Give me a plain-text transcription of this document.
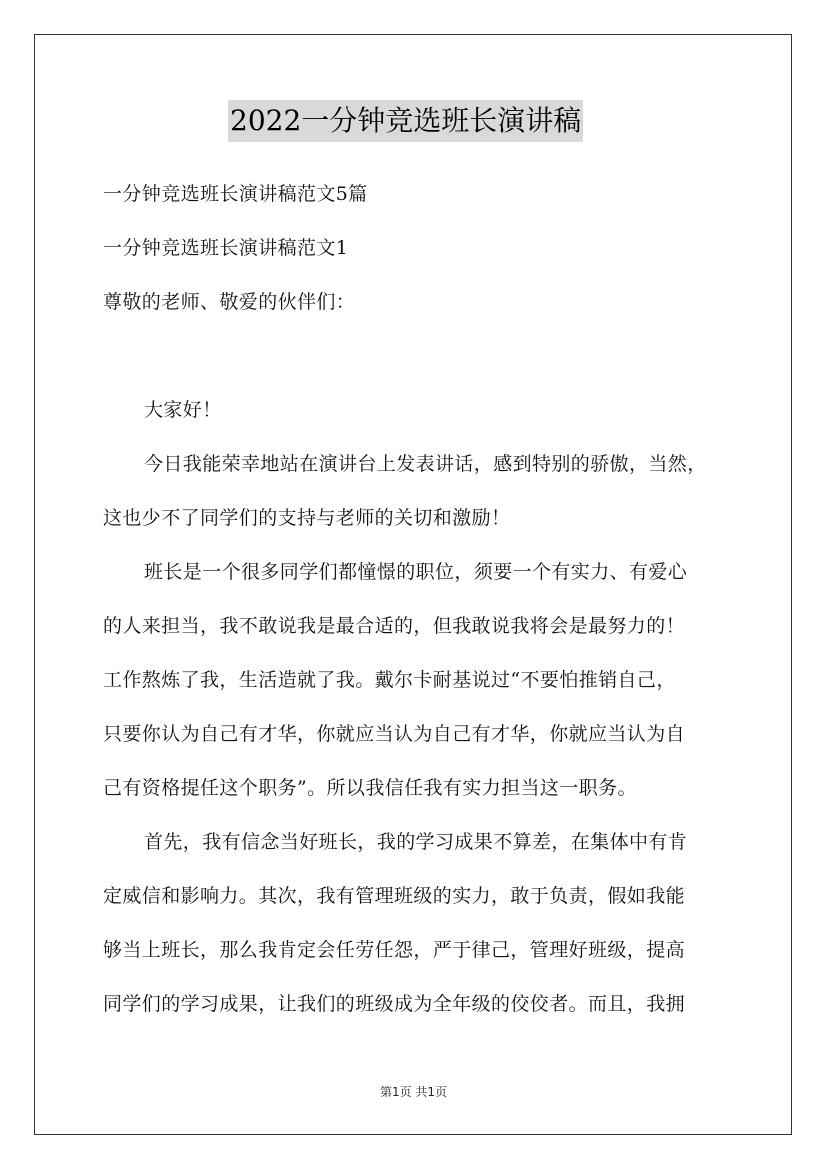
2022一分钟竞选班长演讲稿
一分钟竞选班长演讲稿范文5篇
一分钟竞选班长演讲稿范文1
尊敬的老师、敬爱的伙伴们：
大家好！
今日我能荣幸地站在演讲台上发表讲话，感到特别的骄傲，当然，
这也少不了同学们的支持与老师的关切和激励！
班长是一个很多同学们都憧憬的职位，须要一个有实力、有爱心
的人来担当，我不敢说我是最合适的，但我敢说我将会是最努力的！
工作熬炼了我，生活造就了我。戴尔卡耐基说过“不要怕推销自己，
只要你认为自己有才华，你就应当认为自己有才华，你就应当认为自
己有资格提任这个职务”。所以我信任我有实力担当这一职务。
首先，我有信念当好班长，我的学习成果不算差，在集体中有肯
定威信和影响力。其次，我有管理班级的实力，敢于负责，假如我能
够当上班长，那么我肯定会任劳任怨，严于律己，管理好班级，提高
同学们的学习成果，让我们的班级成为全年级的佼佼者。而且，我拥
第1页 共1页
